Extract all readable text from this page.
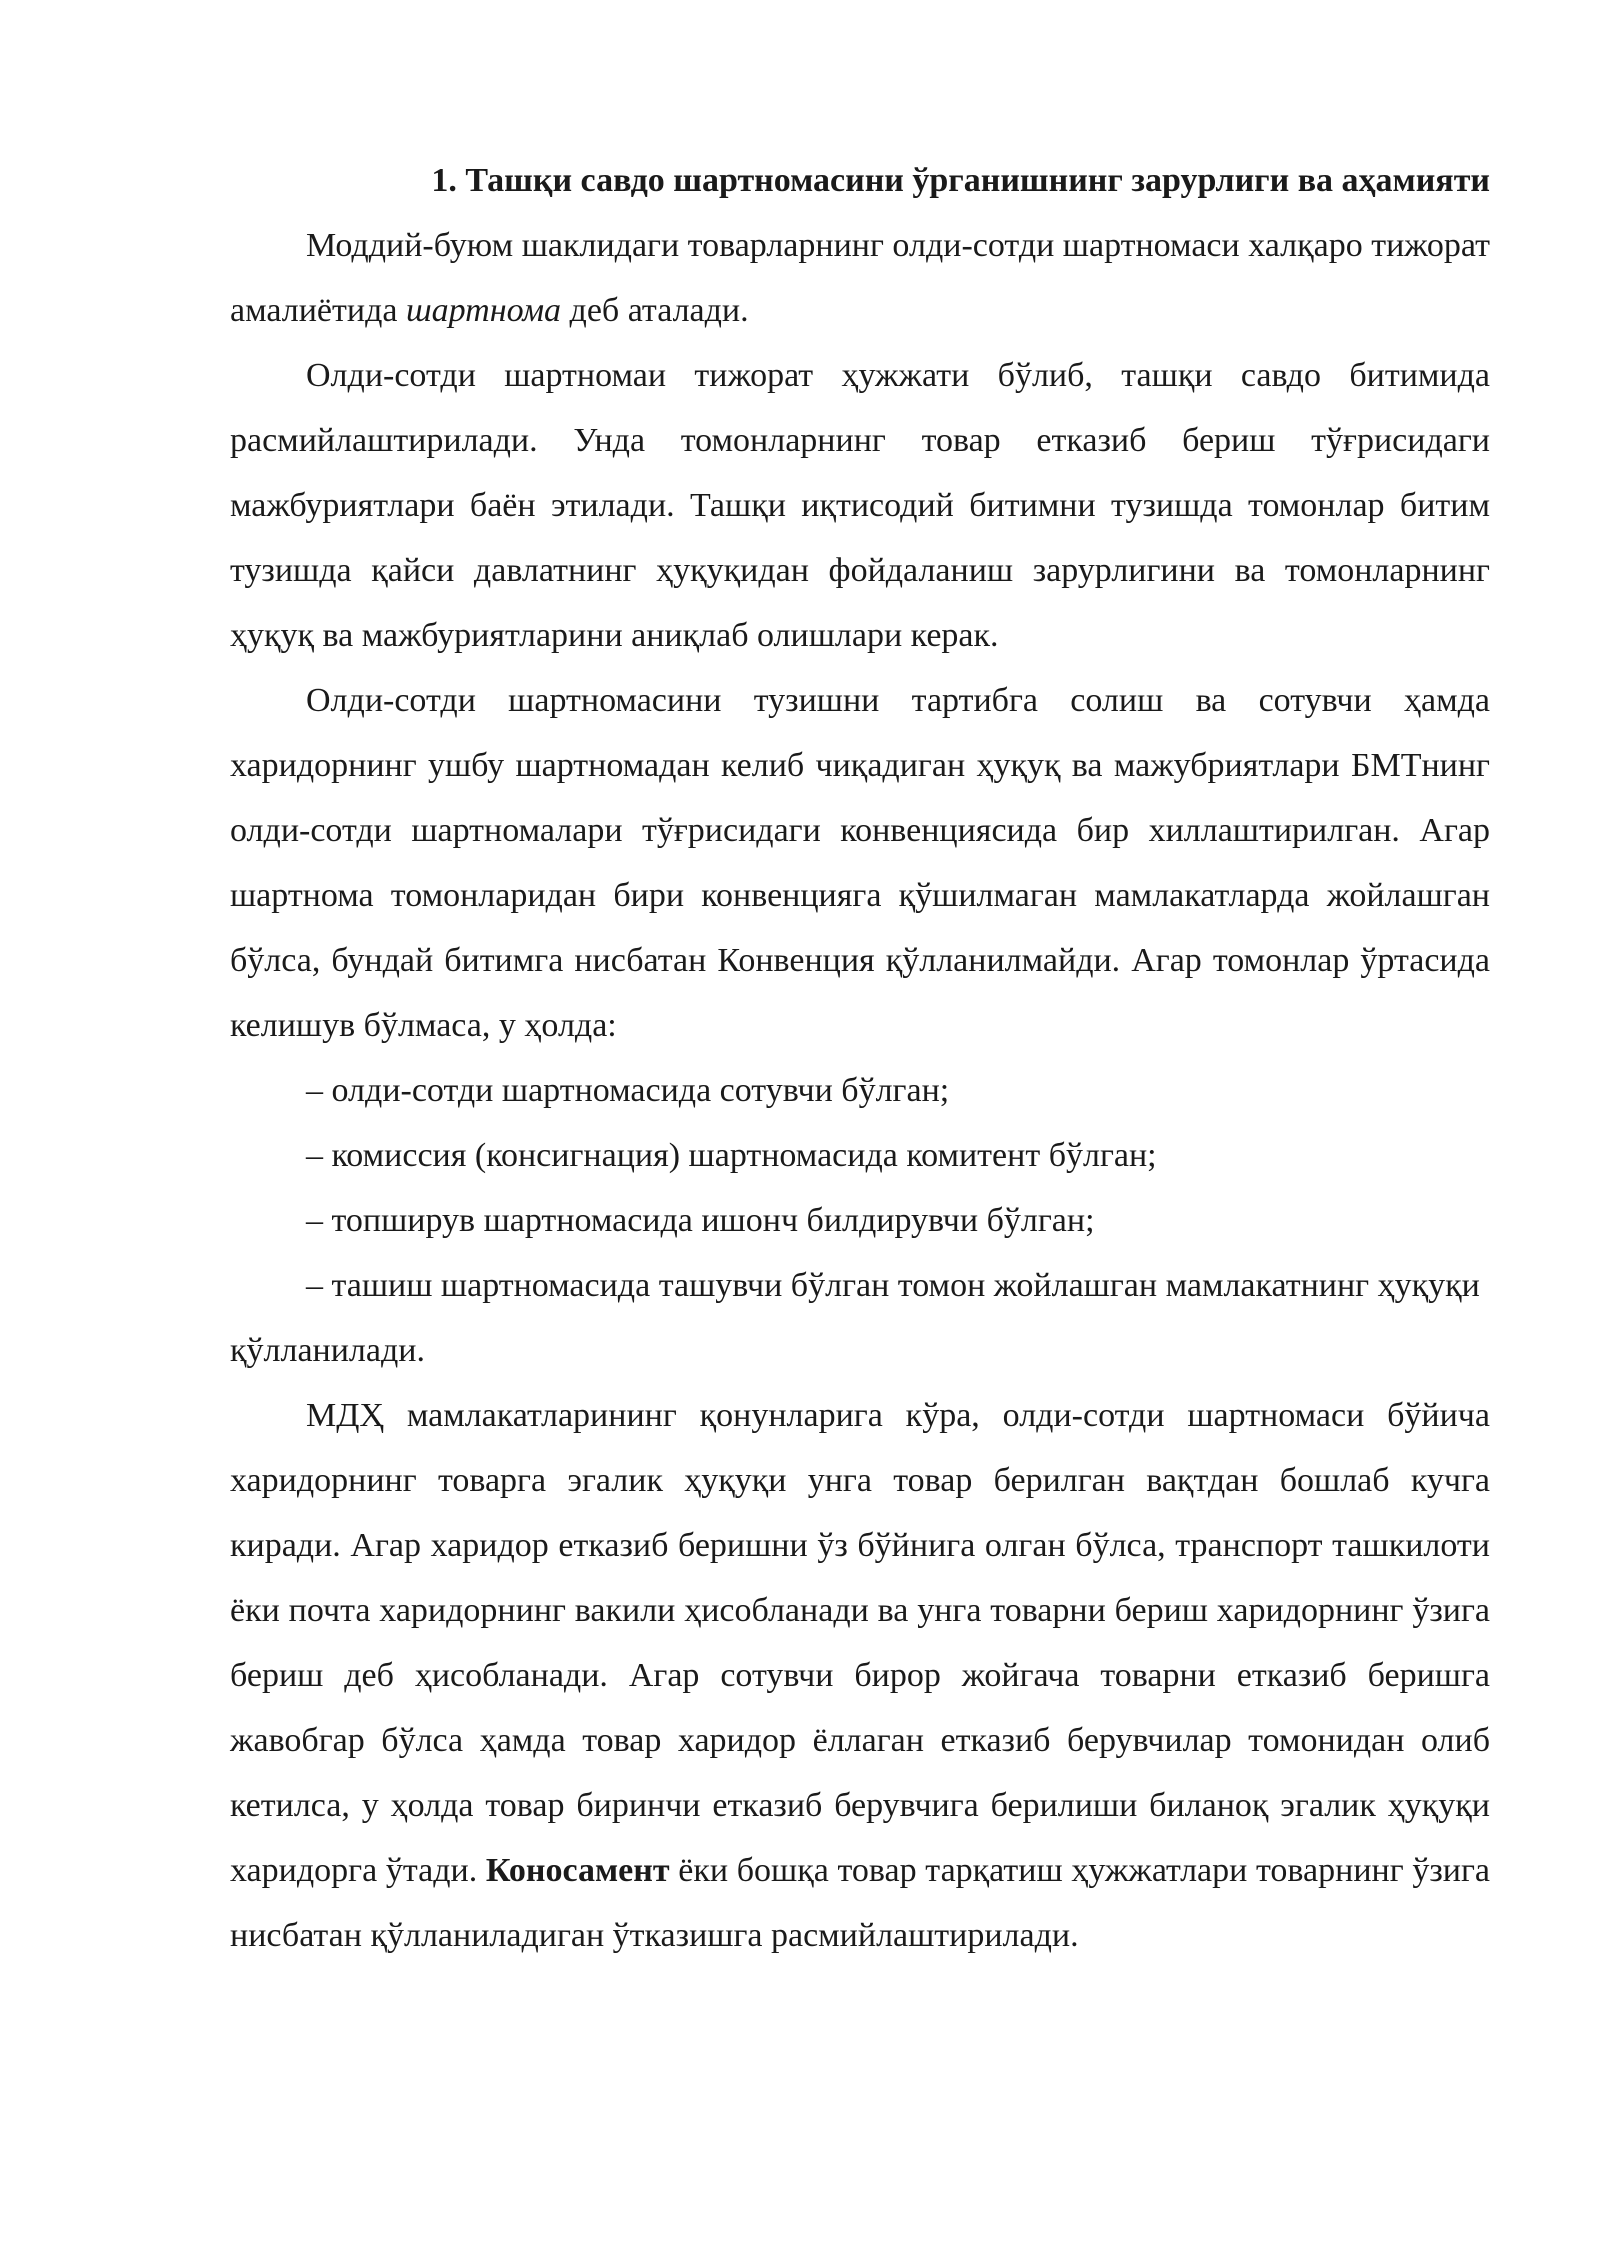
1. Ташқи савдо шартномасини ўрганишнинг зарурлиги ва аҳамияти

Моддий-буюм шаклидаги товарларнинг олди-сотди шартномаси халқаро тижорат амалиётида шартнома деб аталади.

Олди-сотди шартномаи тижорат ҳужжати бўлиб, ташқи савдо битимида расмийлаштирилади. Унда томонларнинг товар етказиб бериш тўғрисидаги мажбуриятлари баён этилади. Ташқи иқтисодий битимни тузишда томонлар битим тузишда қайси давлатнинг ҳуқуқидан фойдаланиш зарурлигини ва томонларнинг ҳуқуқ ва мажбуриятларини аниқлаб олишлари керак.

Олди-сотди шартномасини тузишни тартибга солиш ва сотувчи ҳамда харидорнинг ушбу шартномадан келиб чиқадиган ҳуқуқ ва мажубриятлари БМТнинг олди-сотди шартномалари тўғрисидаги конвенциясида бир хиллаштирилган. Агар шартнома томонларидан бири конвенцияга қўшилмаган мамлакатларда жойлашган бўлса, бундай битимга нисбатан Конвенция қўлланилмайди. Агар томонлар ўртасида келишув бўлмаса, у ҳолда:

– олди-сотди шартномасида сотувчи бўлган;
– комиссия (консигнация) шартномасида комитент бўлган;
– топширув шартномасида ишонч билдирувчи бўлган;
– ташиш шартномасида ташувчи бўлган томон жойлашган мамлакатнинг ҳуқуқи қўлланилади.

МДҲ мамлакатларининг қонунларига кўра, олди-сотди шартномаси бўйича харидорнинг товарга эгалик ҳуқуқи унга товар берилган вақтдан бошлаб кучга киради. Агар харидор етказиб беришни ўз бўйнига олган бўлса, транспорт ташкилоти ёки почта харидорнинг вакили ҳисобланади ва унга товарни бериш харидорнинг ўзига бериш деб ҳисобланади. Агар сотувчи бирор жойгача товарни етказиб беришга жавобгар бўлса ҳамда товар харидор ёллаган етказиб берувчилар томонидан олиб кетилса, у ҳолда товар биринчи етказиб берувчига берилиши биланоқ эгалик ҳуқуқи харидорга ўтади. Коносамент ёки бошқа товар тарқатиш ҳужжатлари товарнинг ўзига нисбатан қўлланиладиган ўтказишга расмийлаштирилади.
